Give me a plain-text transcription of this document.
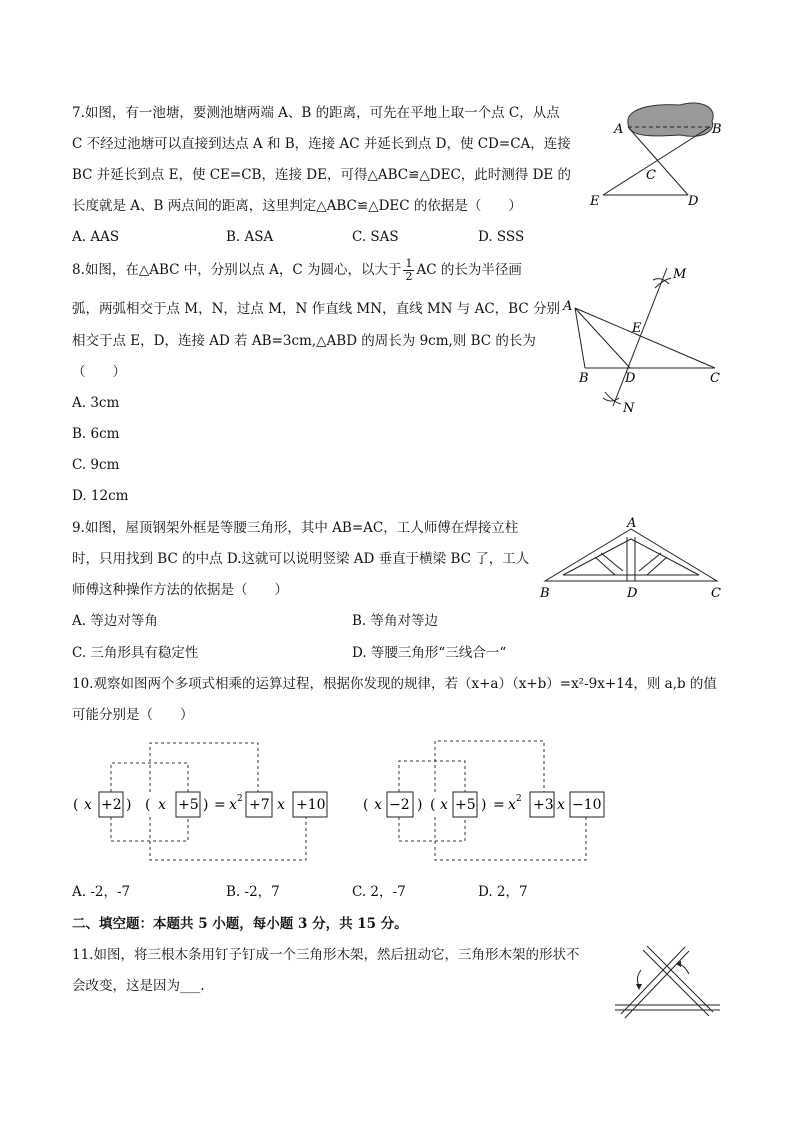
7.如图，有一池塘，要测池塘两端 A、B 的距离，可先在平地上取一个点 C，从点
C 不经过池塘可以直接到达点 A 和 B，连接 AC 并延长到点 D，使 CD=CA，连接
BC 并延长到点 E，使 CE=CB，连接 DE，可得△ABC≌△DEC，此时测得 DE 的
长度就是 A、B 两点间的距离，这里判定△ABC≌△DEC 的依据是（　　）
A. AAS	B. ASA	C. SAS	D. SSS
A	B
C
D
E
8.如图，在△ABC 中，分别以点 A，C 为圆心，以大于 $\frac{1}{2}$ AC 的长为半径画
弧，两弧相交于点 M，N，过点 M，N 作直线 MN，直线 MN 与 AC，BC 分别
相交于点 E，D，连接 AD 若 AB=3cm,△ABD 的周长为 9cm,则 BC 的长为
（　　）
A. 3cm
B. 6cm
C. 9cm
D. 12cm
A
B	C
D
E
M
N
9.如图，屋顶钢架外框是等腰三角形，其中 AB=AC，工人师傅在焊接立柱
时，只用找到 BC 的中点 D.这就可以说明竖梁 AD 垂直于横梁 BC 了，工人
师傅这种操作方法的依据是（　　）
A. 等边对等角	B. 等角对等边
C. 三角形具有稳定性	D. 等腰三角形“三线合一“
A
B	D	C
10.观察如图两个多项式相乘的运算过程，根据你发现的规律，若（x+a）（x+b）=x²-9x+14，则 a,b 的值
可能分别是（　　）
( x +2 ) ( x +5 ) = x 2 +7 x +10	( x −2 ) ( x +5 ) = x 2 +3 x −10
A. -2，-7	B. -2，7	C. 2，-7	D. 2，7
二、填空题：本题共 5 小题，每小题 3 分，共 15 分。
11.如图，将三根木条用钉子钉成一个三角形木架，然后扭动它，三角形木架的形状不
会改变，这是因为___.
